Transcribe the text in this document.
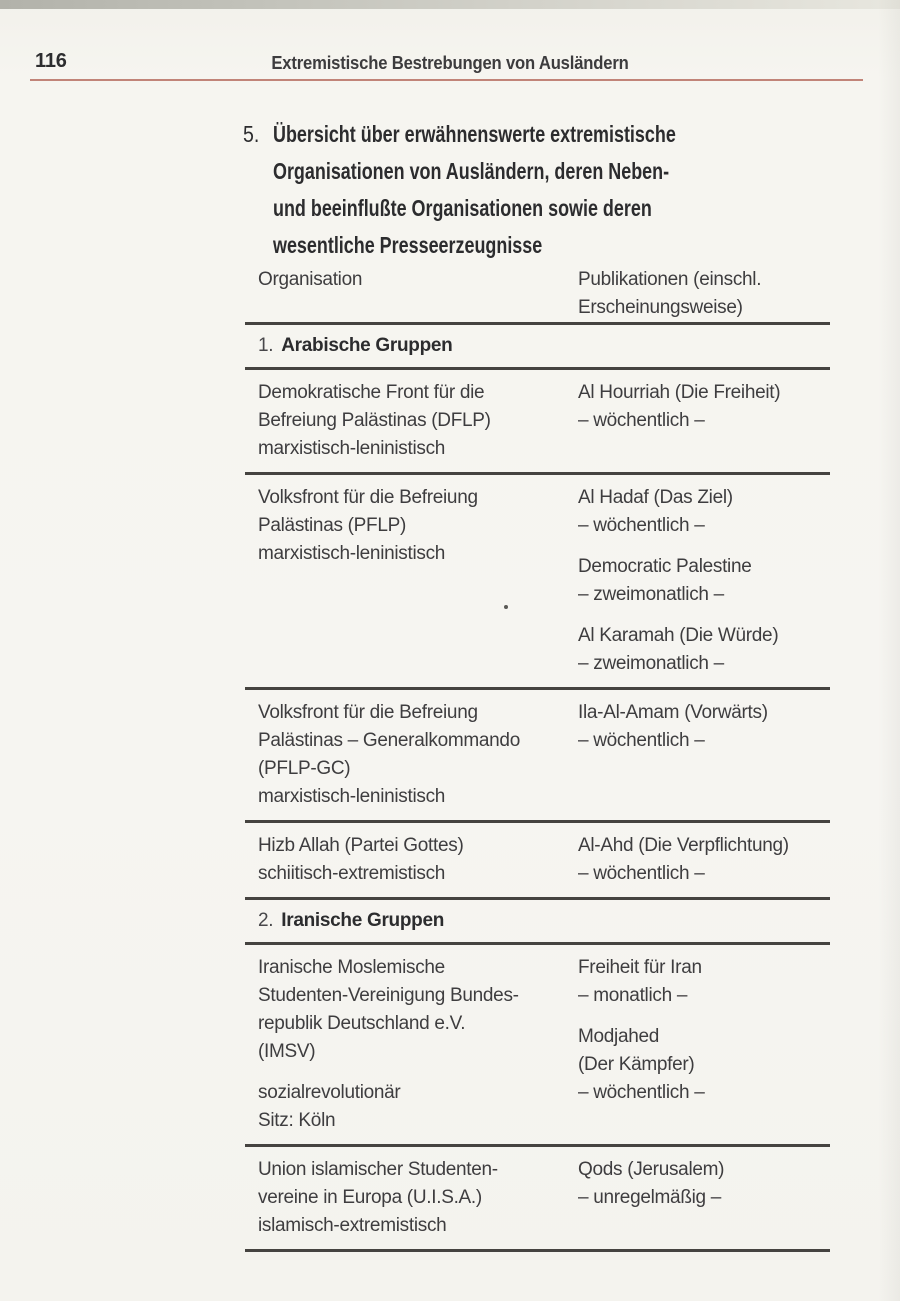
116	Extremistische Bestrebungen von Ausländern
5. Übersicht über erwähnenswerte extremistische
Organisationen von Ausländern, deren Neben-
und beeinflußte Organisationen sowie deren
wesentliche Presseerzeugnisse
Organisation	Publikationen (einschl.
Erscheinungsweise)
1. Arabische Gruppen
Demokratische Front für die
Befreiung Palästinas (DFLP)
marxistisch-leninistisch
Al Hourriah (Die Freiheit)
– wöchentlich –
Volksfront für die Befreiung
Palästinas (PFLP)
marxistisch-leninistisch
Al Hadaf (Das Ziel)
– wöchentlich –
Democratic Palestine
– zweimonatlich –
Al Karamah (Die Würde)
– zweimonatlich –
Volksfront für die Befreiung
Palästinas – Generalkommando
(PFLP-GC)
marxistisch-leninistisch
Ila-Al-Amam (Vorwärts)
– wöchentlich –
Hizb Allah (Partei Gottes)
schiitisch-extremistisch
Al-Ahd (Die Verpflichtung)
– wöchentlich –
2. Iranische Gruppen
Iranische Moslemische
Studenten-Vereinigung Bundes-
republik Deutschland e.V.
(IMSV)
sozialrevolutionär
Sitz: Köln
Freiheit für Iran
– monatlich –
Modjahed
(Der Kämpfer)
– wöchentlich –
Union islamischer Studenten-
vereine in Europa (U.I.S.A.)
islamisch-extremistisch
Qods (Jerusalem)
– unregelmäßig –
